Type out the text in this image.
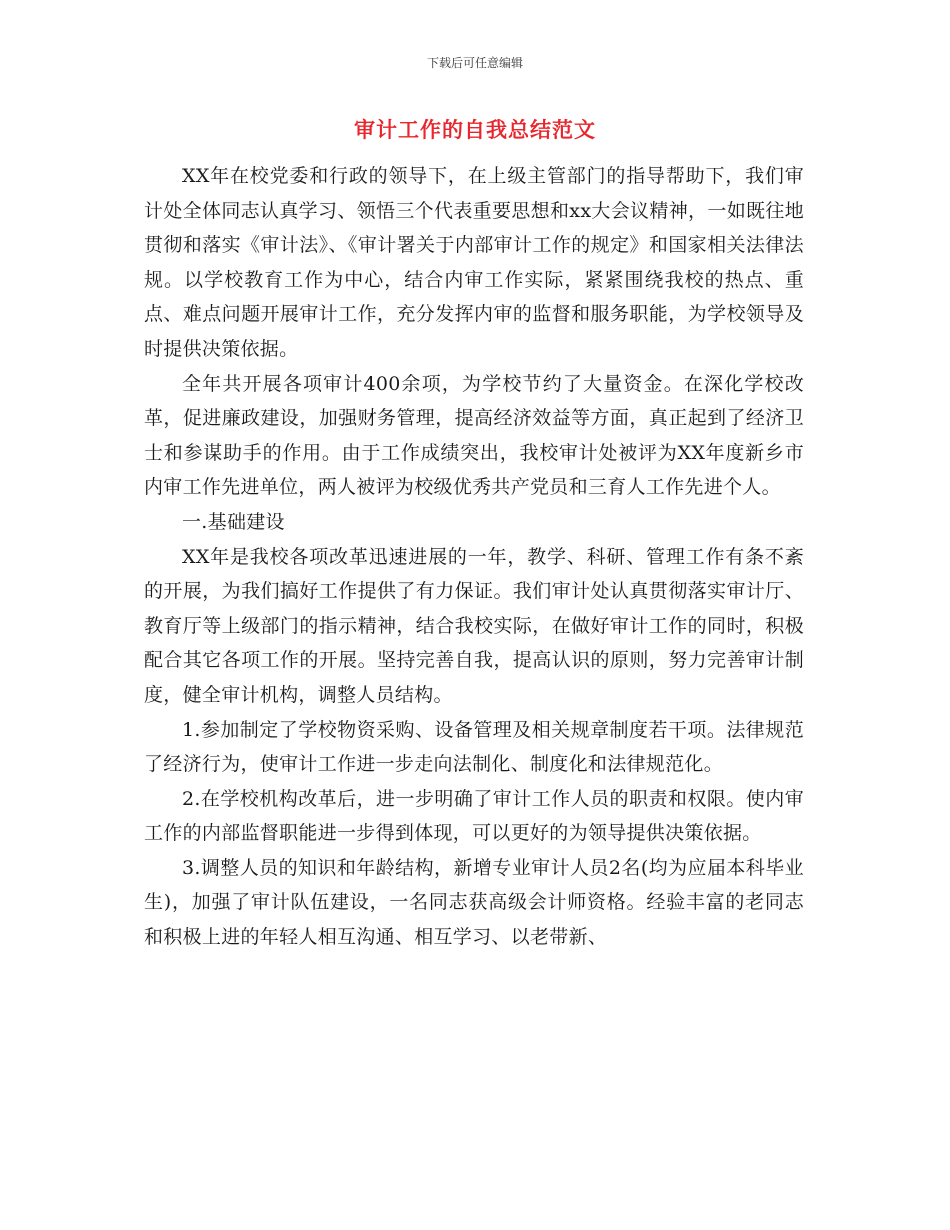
下载后可任意编辑
审计工作的自我总结范文

XX年在校党委和行政的领导下，在上级主管部门的指导帮助下，我们审计处全体同志认真学习、领悟三个代表重要思想和xx大会议精神，一如既往地贯彻和落实《审计法》、《审计署关于内部审计工作的规定》和国家相关法律法规。以学校教育工作为中心，结合内审工作实际，紧紧围绕我校的热点、重点、难点问题开展审计工作，充分发挥内审的监督和服务职能，为学校领导及时提供决策依据。

全年共开展各项审计400余项，为学校节约了大量资金。在深化学校改革，促进廉政建设，加强财务管理，提高经济效益等方面，真正起到了经济卫士和参谋助手的作用。由于工作成绩突出，我校审计处被评为XX年度新乡市内审工作先进单位，两人被评为校级优秀共产党员和三育人工作先进个人。

一.基础建设

XX年是我校各项改革迅速进展的一年，教学、科研、管理工作有条不紊的开展，为我们搞好工作提供了有力保证。我们审计处认真贯彻落实审计厅、教育厅等上级部门的指示精神，结合我校实际，在做好审计工作的同时，积极配合其它各项工作的开展。坚持完善自我，提高认识的原则，努力完善审计制度，健全审计机构，调整人员结构。

1.参加制定了学校物资采购、设备管理及相关规章制度若干项。法律规范了经济行为，使审计工作进一步走向法制化、制度化和法律规范化。

2.在学校机构改革后，进一步明确了审计工作人员的职责和权限。使内审工作的内部监督职能进一步得到体现，可以更好的为领导提供决策依据。

3.调整人员的知识和年龄结构，新增专业审计人员2名(均为应届本科毕业生)，加强了审计队伍建设，一名同志获高级会计师资格。经验丰富的老同志和积极上进的年轻人相互沟通、相互学习、以老带新、
